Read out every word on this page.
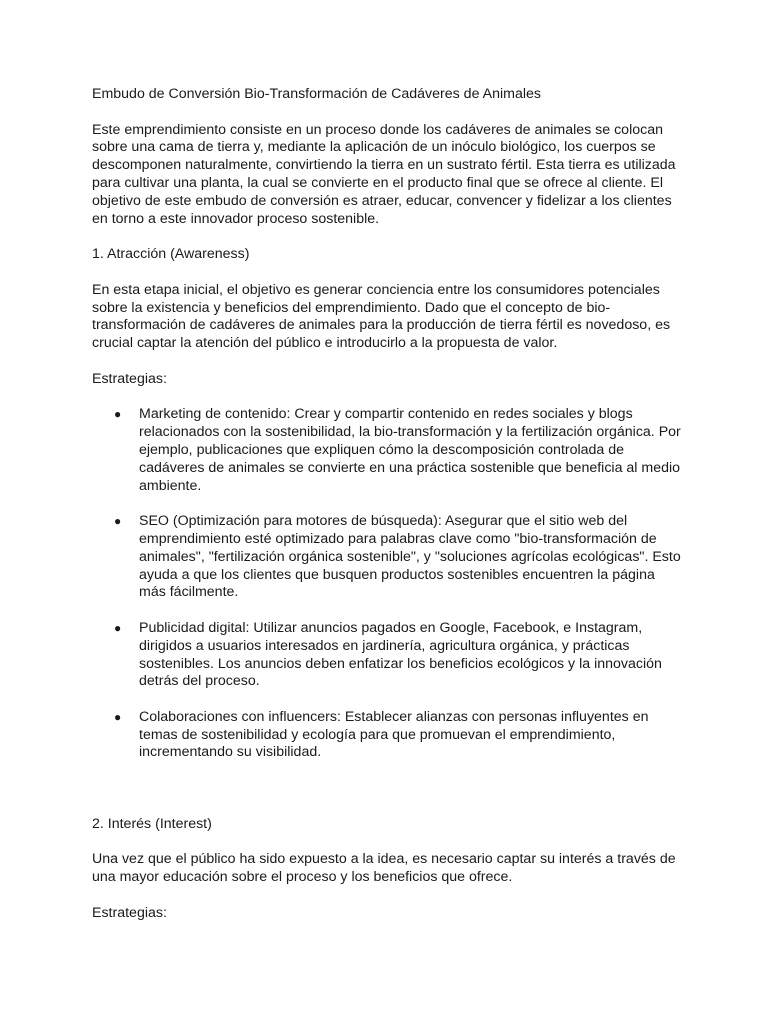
Embudo de Conversión Bio-Transformación de Cadáveres de Animales

Este emprendimiento consiste en un proceso donde los cadáveres de animales se colocan sobre una cama de tierra y, mediante la aplicación de un inóculo biológico, los cuerpos se descomponen naturalmente, convirtiendo la tierra en un sustrato fértil. Esta tierra es utilizada para cultivar una planta, la cual se convierte en el producto final que se ofrece al cliente. El objetivo de este embudo de conversión es atraer, educar, convencer y fidelizar a los clientes en torno a este innovador proceso sostenible.

1. Atracción (Awareness)

En esta etapa inicial, el objetivo es generar conciencia entre los consumidores potenciales sobre la existencia y beneficios del emprendimiento. Dado que el concepto de bio-transformación de cadáveres de animales para la producción de tierra fértil es novedoso, es crucial captar la atención del público e introducirlo a la propuesta de valor.

Estrategias:

● Marketing de contenido: Crear y compartir contenido en redes sociales y blogs relacionados con la sostenibilidad, la bio-transformación y la fertilización orgánica. Por ejemplo, publicaciones que expliquen cómo la descomposición controlada de cadáveres de animales se convierte en una práctica sostenible que beneficia al medio ambiente.
● SEO (Optimización para motores de búsqueda): Asegurar que el sitio web del emprendimiento esté optimizado para palabras clave como "bio-transformación de animales", "fertilización orgánica sostenible", y "soluciones agrícolas ecológicas". Esto ayuda a que los clientes que busquen productos sostenibles encuentren la página más fácilmente.
● Publicidad digital: Utilizar anuncios pagados en Google, Facebook, e Instagram, dirigidos a usuarios interesados en jardinería, agricultura orgánica, y prácticas sostenibles. Los anuncios deben enfatizar los beneficios ecológicos y la innovación detrás del proceso.
● Colaboraciones con influencers: Establecer alianzas con personas influyentes en temas de sostenibilidad y ecología para que promuevan el emprendimiento, incrementando su visibilidad.

2. Interés (Interest)

Una vez que el público ha sido expuesto a la idea, es necesario captar su interés a través de una mayor educación sobre el proceso y los beneficios que ofrece.

Estrategias:
